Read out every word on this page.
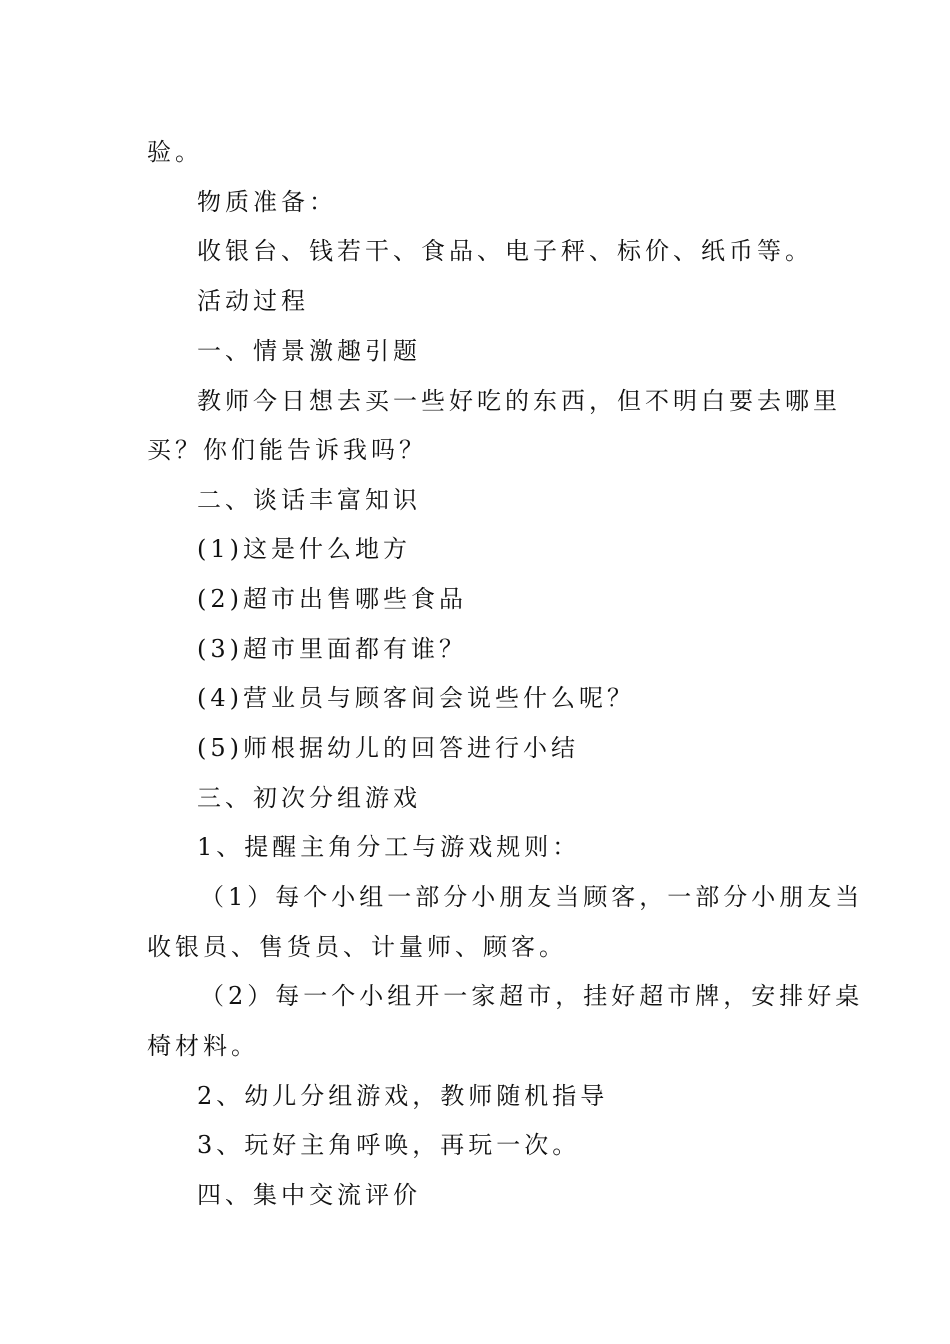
验。
物质准备：
收银台、钱若干、食品、电子秤、标价、纸币等。
活动过程
一、情景激趣引题
教师今日想去买一些好吃的东西，但不明白要去哪里
买？你们能告诉我吗？
二、谈话丰富知识
(1)这是什么地方
(2)超市出售哪些食品
(3)超市里面都有谁？
(4)营业员与顾客间会说些什么呢？
(5)师根据幼儿的回答进行小结
三、初次分组游戏
1、提醒主角分工与游戏规则：
（1）每个小组一部分小朋友当顾客，一部分小朋友当
收银员、售货员、计量师、顾客。
（2）每一个小组开一家超市，挂好超市牌，安排好桌
椅材料。
2、幼儿分组游戏，教师随机指导
3、玩好主角呼唤，再玩一次。
四、集中交流评价
